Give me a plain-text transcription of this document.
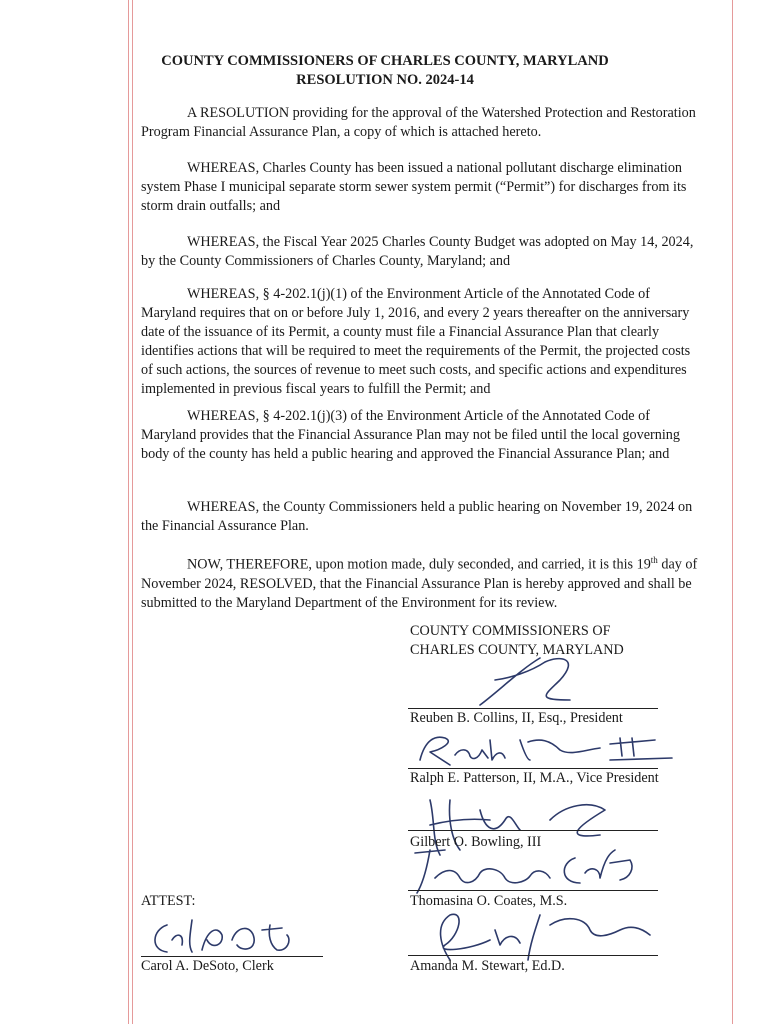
COUNTY COMMISSIONERS OF CHARLES COUNTY, MARYLAND
RESOLUTION NO. 2024-14

A RESOLUTION providing for the approval of the Watershed Protection and Restoration Program Financial Assurance Plan, a copy of which is attached hereto.

WHEREAS, Charles County has been issued a national pollutant discharge elimination system Phase I municipal separate storm sewer system permit (“Permit”) for discharges from its storm drain outfalls; and

WHEREAS, the Fiscal Year 2025 Charles County Budget was adopted on May 14, 2024, by the County Commissioners of Charles County, Maryland; and

WHEREAS, § 4-202.1(j)(1) of the Environment Article of the Annotated Code of Maryland requires that on or before July 1, 2016, and every 2 years thereafter on the anniversary date of the issuance of its Permit, a county must file a Financial Assurance Plan that clearly identifies actions that will be required to meet the requirements of the Permit, the projected costs of such actions, the sources of revenue to meet such costs, and specific actions and expenditures implemented in previous fiscal years to fulfill the Permit; and

WHEREAS, § 4-202.1(j)(3) of the Environment Article of the Annotated Code of Maryland provides that the Financial Assurance Plan may not be filed until the local governing body of the county has held a public hearing and approved the Financial Assurance Plan; and

WHEREAS, the County Commissioners held a public hearing on November 19, 2024 on the Financial Assurance Plan.

NOW, THEREFORE, upon motion made, duly seconded, and carried, it is this 19th day of November 2024, RESOLVED, that the Financial Assurance Plan is hereby approved and shall be submitted to the Maryland Department of the Environment for its review.

COUNTY COMMISSIONERS OF
CHARLES COUNTY, MARYLAND
Reuben B. Collins, II, Esq., President
Ralph E. Patterson, II, M.A., Vice President
Gilbert O. Bowling, III
Thomasina O. Coates, M.S.
Amanda M. Stewart, Ed.D.
ATTEST:
Carol A. DeSoto, Clerk
